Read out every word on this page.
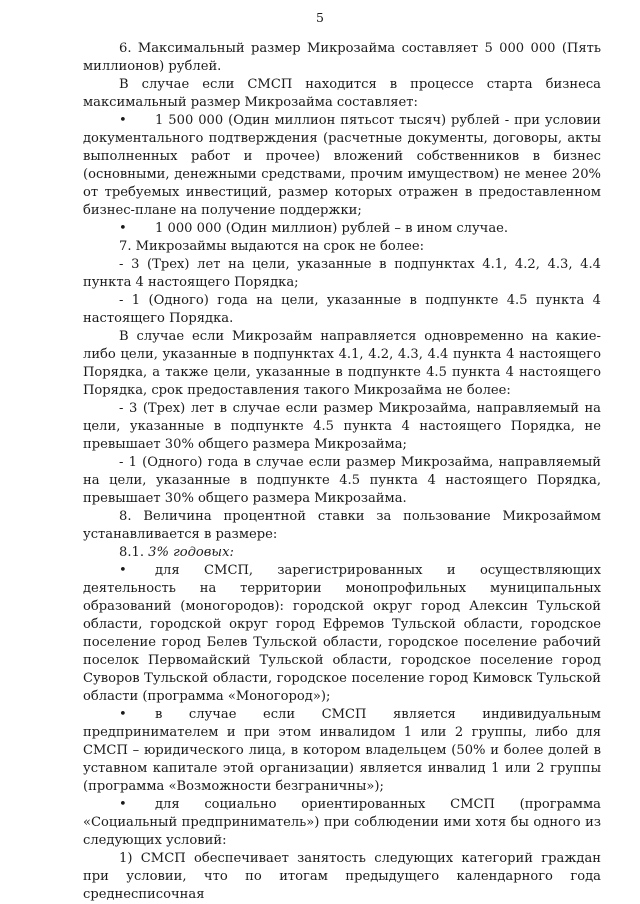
5

6. Максимальный размер Микрозайма составляет 5 000 000 (Пять миллионов) рублей.

В случае если СМСП находится в процессе старта бизнеса максимальный размер Микрозайма составляет:

• 1 500 000 (Один миллион пятьсот тысяч) рублей - при условии документального подтверждения (расчетные документы, договоры, акты выполненных работ и прочее) вложений собственников в бизнес (основными, денежными средствами, прочим имуществом) не менее 20% от требуемых инвестиций, размер которых отражен в предоставленном бизнес-плане на получение поддержки;

• 1 000 000 (Один миллион) рублей – в ином случае.

7. Микрозаймы выдаются на срок не более:

- 3 (Трех) лет на цели, указанные в подпунктах 4.1, 4.2, 4.3, 4.4 пункта 4 настоящего Порядка;

- 1 (Одного) года на цели, указанные в подпункте 4.5 пункта 4 настоящего Порядка.

В случае если Микрозайм направляется одновременно на какие-либо цели, указанные в подпунктах 4.1, 4.2, 4.3, 4.4 пункта 4 настоящего Порядка, а также цели, указанные в подпункте 4.5 пункта 4 настоящего Порядка, срок предоставления такого Микрозайма не более:

- 3 (Трех) лет в случае если размер Микрозайма, направляемый на цели, указанные в подпункте 4.5 пункта 4 настоящего Порядка, не превышает 30% общего размера Микрозайма;

- 1 (Одного) года в случае если размер Микрозайма, направляемый на цели, указанные в подпункте 4.5 пункта 4 настоящего Порядка, превышает 30% общего размера Микрозайма.

8. Величина процентной ставки за пользование Микрозаймом устанавливается в размере:

8.1. 3% годовых:

• для СМСП, зарегистрированных и осуществляющих деятельность на территории монопрофильных муниципальных образований (моногородов): городской округ город Алексин Тульской области, городской округ город Ефремов Тульской области, городское поселение город Белев Тульской области, городское поселение рабочий поселок Первомайский Тульской области, городское поселение город Суворов Тульской области, городское поселение город Кимовск Тульской области (программа «Моногород»);

• в случае если СМСП является индивидуальным предпринимателем и при этом инвалидом 1 или 2 группы, либо для СМСП – юридического лица, в котором владельцем (50% и более долей в уставном капитале этой организации) является инвалид 1 или 2 группы (программа «Возможности безграничны»);

• для социально ориентированных СМСП (программа «Социальный предприниматель») при соблюдении ими хотя бы одного из следующих условий:

1) СМСП обеспечивает занятость следующих категорий граждан при условии, что по итогам предыдущего календарного года среднесписочная
